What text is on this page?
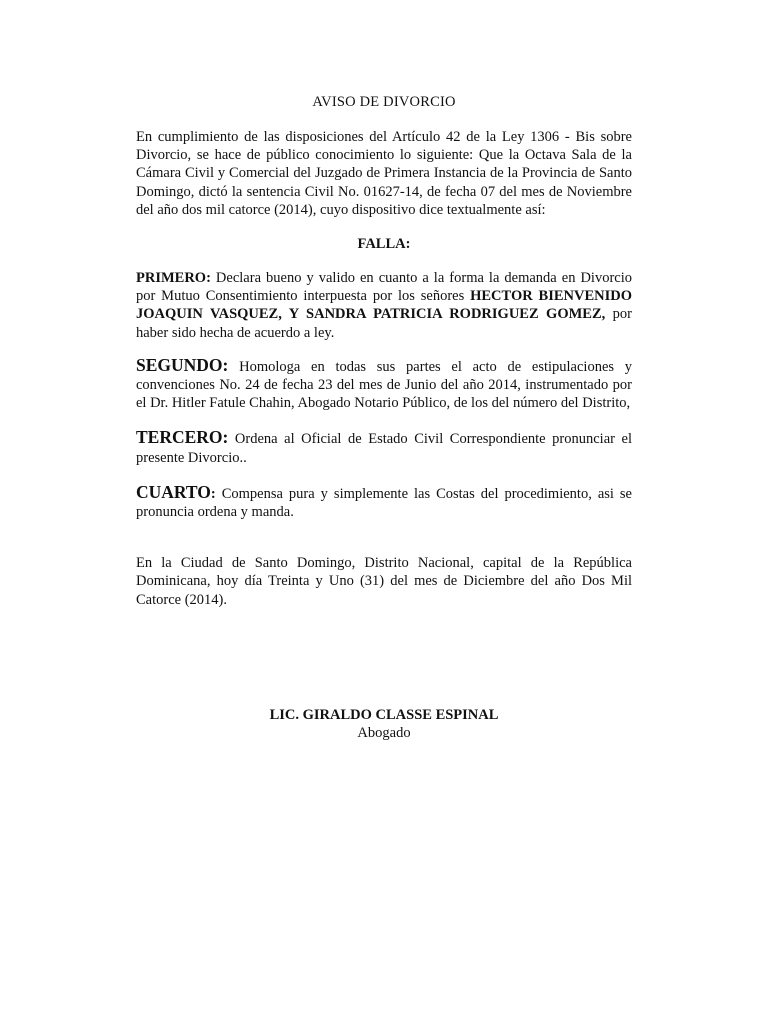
AVISO DE DIVORCIO

En cumplimiento de las disposiciones del Artículo 42 de la Ley 1306 - Bis sobre Divorcio, se hace de público conocimiento lo siguiente: Que la Octava Sala de la Cámara Civil y Comercial del Juzgado de Primera Instancia de la Provincia de Santo Domingo, dictó la sentencia Civil No. 01627-14, de fecha 07 del mes de Noviembre del año dos mil catorce (2014), cuyo dispositivo dice textualmente así:

FALLA:

PRIMERO: Declara bueno y valido en cuanto a la forma la demanda en Divorcio por Mutuo Consentimiento interpuesta por los señores HECTOR BIENVENIDO JOAQUIN VASQUEZ, Y SANDRA PATRICIA RODRIGUEZ GOMEZ, por haber sido hecha de acuerdo a ley.

SEGUNDO: Homologa en todas sus partes el acto de estipulaciones y convenciones No. 24 de fecha 23 del mes de Junio del año 2014, instrumentado por el Dr. Hitler Fatule Chahin, Abogado Notario Público, de los del número del Distrito,

TERCERO: Ordena al Oficial de Estado Civil Correspondiente pronunciar el presente Divorcio..

CUARTO: Compensa pura y simplemente las Costas del procedimiento, asi se pronuncia ordena y manda.

En la Ciudad de Santo Domingo, Distrito Nacional, capital de la República Dominicana, hoy día Treinta y Uno (31) del mes de Diciembre del año Dos Mil Catorce (2014).

LIC. GIRALDO CLASSE ESPINAL
Abogado
